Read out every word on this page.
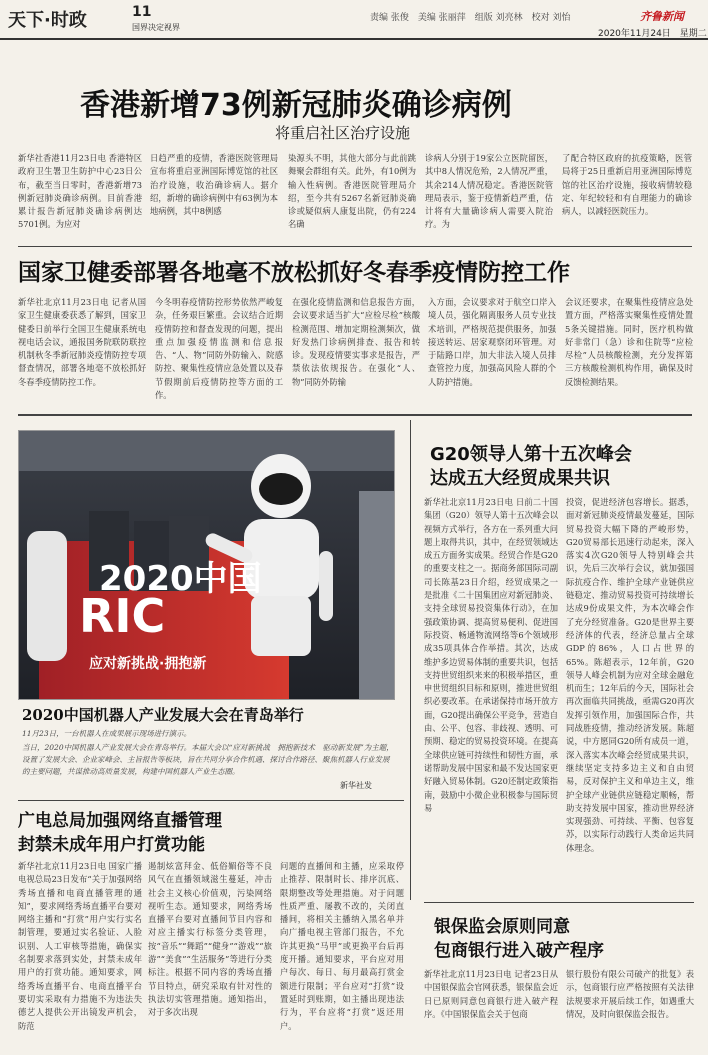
天下·时政	11
国界决定视界
责编 张俊　美编 张丽萍　组版 刘亮林　校对 刘怡	齐鲁新闻
2020年11月24日　星期二
香港新增73例新冠肺炎确诊病例
将重启社区治疗设施
新华社香港11月23日电 香港特区政府卫生署卫生防护中心23日公布，截至当日零时，香港新增73例新冠肺炎确诊病例。目前香港累计报告新冠肺炎确诊病例达5701例。为应对
日趋严重的疫情，香港医院管理局宣布将重启亚洲国际博览馆的社区治疗设施，收治确诊病人。据介绍，新增的确诊病例中有63例为本地病例，其中8例感
染源头不明，其他大部分与此前跳舞聚会群组有关。此外，有10例为输入性病例。香港医院管理局介绍，至今共有5267名新冠肺炎确诊或疑似病人康复出院，仍有224名确
诊病人分别于19家公立医院留医，其中8人情况危殆，2人情况严重，其余214人情况稳定。香港医院管理局表示，鉴于疫情新趋严重，估计将有大量确诊病人需要入院治疗。为
了配合特区政府的抗疫策略，医管局将于25日重新启用亚洲国际博览馆的社区治疗设施，接收病情较稳定、年纪较轻和有自理能力的确诊病人，以减轻医院压力。
国家卫健委部署各地毫不放松抓好冬春季疫情防控工作
新华社北京11月23日电 记者从国家卫生健康委获悉了解到，国家卫健委日前举行全国卫生健康系统电视电话会议，通报国务院联防联控机制秋冬季新冠肺炎疫情防控专项督查情况，部署各地毫不放松抓好冬春季疫情防控工作。
今冬明春疫情防控形势依然严峻复杂，任务艰巨繁重。会议结合近期疫情防控和督查发现的问题，提出重点加强疫情监测和信息报告、“人、物”同防外防输入、院感防控、聚集性疫情应急处置以及春节假期前后疫情防控等方面的工作。
在强化疫情监测和信息报告方面，会议要求适当扩大“应检尽检”核酸检测范围、增加定期检测频次，做好发热门诊病例排查、报告和转诊。发现疫情要实事求是报告，严禁依法依规报告。在强化“人、物”同防外防输
入方面，会议要求对于航空口岸入境人员，强化隔离服务人员专业技术培训，严格规范提供服务，加强接送转运、居家观察闭环管理。对于陆路口岸，加大非法入境人员排查管控力度，加强高风险人群的个人防护措施。
会议还要求，在聚集性疫情应急处置方面，严格落实聚集性疫情处置5条关键措施。同时，医疗机构做好非常门（急）诊和住院等“应检尽检”人员核酸检测，充分发挥第三方核酸检测机构作用，确保及时反馈检测结果。
2020中国
RIC
应对新挑战·拥抱新
2020中国机器人产业发展大会在青岛举行
11月23日，一台机器人在成果展示现场进行演示。
当日，2020中国机器人产业发展大会在青岛举行。本届大会以“应对新挑战　拥抱新技术　驱动新发展”为主题，设置了发展大会、企业家峰会、主旨报告等板块，旨在共同分享合作机遇、探讨合作路径、聚焦机器人行业发展的主要问题，共谋推动高质量发展，构建中国机器人产业生态圈。
新华社发
G20领导人第十五次峰会
达成五大经贸成果共识
新华社北京11月23日电 日前二十国集团（G20）领导人第十五次峰会以视频方式举行，各方在一系列重大问题上取得共识，其中，在经贸领域达成五方面务实成果。经贸合作是G20的重要支柱之一。据商务部国际司副司长陈基23日介绍，经贸成果之一是批准《二十国集团应对新冠肺炎、支持全球贸易投资集体行动》，在加强政策协调、提高贸易便利、促进国际投资、畅通物流网络等6个领域形成35项具体合作举措。其次，达成维护多边贸易体制的重要共识，包括支持世贸组织来来的积极举措区，重申世贸组织目标和原则，推进世贸组织必要改革。在承诺保持市场开放方面，G20提出确保公平竞争，营造自由、公平、包容、非歧视、透明、可预期、稳定的贸易投资环境。在提高全球供应链可持续性和韧性方面，承诺帮助发展中国家和最不发达国家更好融入贸易体制。G20还制定政策指南，鼓励中小微企业积极参与国际贸易
投资，促进经济包容增长。据悉，面对新冠肺炎疫情最发蔓延，国际贸易投资大幅下降的严峻形势，G20贸易部长迅速行动起来，深入落实4次G20领导人特别峰会共识，先后三次举行会议，就加强国际抗疫合作、维护全球产业链供应链稳定、推动贸易投资可持续增长达成9份成果文件，为本次峰会作了充分经贸准备。G20是世界主要经济体的代表，经济总量占全球GDP的86%，人口占世界的65%。陈超表示，12年前，G20领导人峰会机制为应对全球金融危机而生；12年后的今天，国际社会再次面临共同挑战，亟需G20再次发挥引领作用，加强国际合作，共同战胜疫情，推动经济发展。陈超说，中方愿同G20所有成员一道，深入落实本次峰会经贸成果共识，继续坚定支持多边主义和自由贸易，反对保护主义和单边主义，维护全球产业链供应链稳定顺畅，帮助支持发展中国家，推动世界经济实现强劲、可持续、平衡、包容复苏，以实际行动践行人类命运共同体理念。
广电总局加强网络直播管理
封禁未成年用户打赏功能
新华社北京11月23日电 国家广播电视总局23日发布“关于加强网络秀场直播和电商直播管理的通知”，要求网络秀场直播平台要对网络主播和“打赏”用户实行实名制管理，要通过实名验证、人脸识别、人工审核等措施，确保实名制要求落到实处，封禁未成年用户的打赏功能。通知要求，网络秀场直播平台、电商直播平台要切实采取有力措施不为违法失德艺人提供公开出镜发声机会，防范
遏制炫富拜金、低俗媚俗等不良风气在直播领域滋生蔓延，冲击社会主义核心价值观，污染网络视听生态。通知要求，网络秀场直播平台要对直播间节目内容和对应主播实行标签分类管理，按“音乐”“舞蹈”“健身”“游戏”“旅游”“美食”“生活服务”等进行分类标注。根据不同内容的秀场直播节目特点，研究采取有针对性的执法切实管理措施。通知指出，对于多次出现
问题的直播间和主播，应采取停止推荐、限制时长、排序沉底、限期整改等处理措施。对于问题性质严重、屡教不改的，关闭直播间，将相关主播纳入黑名单并向广播电视主管部门报告，不允许其更换“马甲”或更换平台后再度开播。通知要求，平台应对用户每次、每日、每月最高打赏金额进行限制；平台应对“打赏”设置延时到账期，如主播出现违法行为，平台应将“打赏”返还用户。
银保监会原则同意
包商银行进入破产程序
新华社北京11月23日电 记者23日从中国银保监会官网获悉，银保监会近日已原则同意包商银行进入破产程序。《中国银保监会关于包商
银行股份有限公司破产的批复》表示，包商银行应严格按照有关法律法规要求开展后续工作，如遇重大情况，及时向银保监会报告。
